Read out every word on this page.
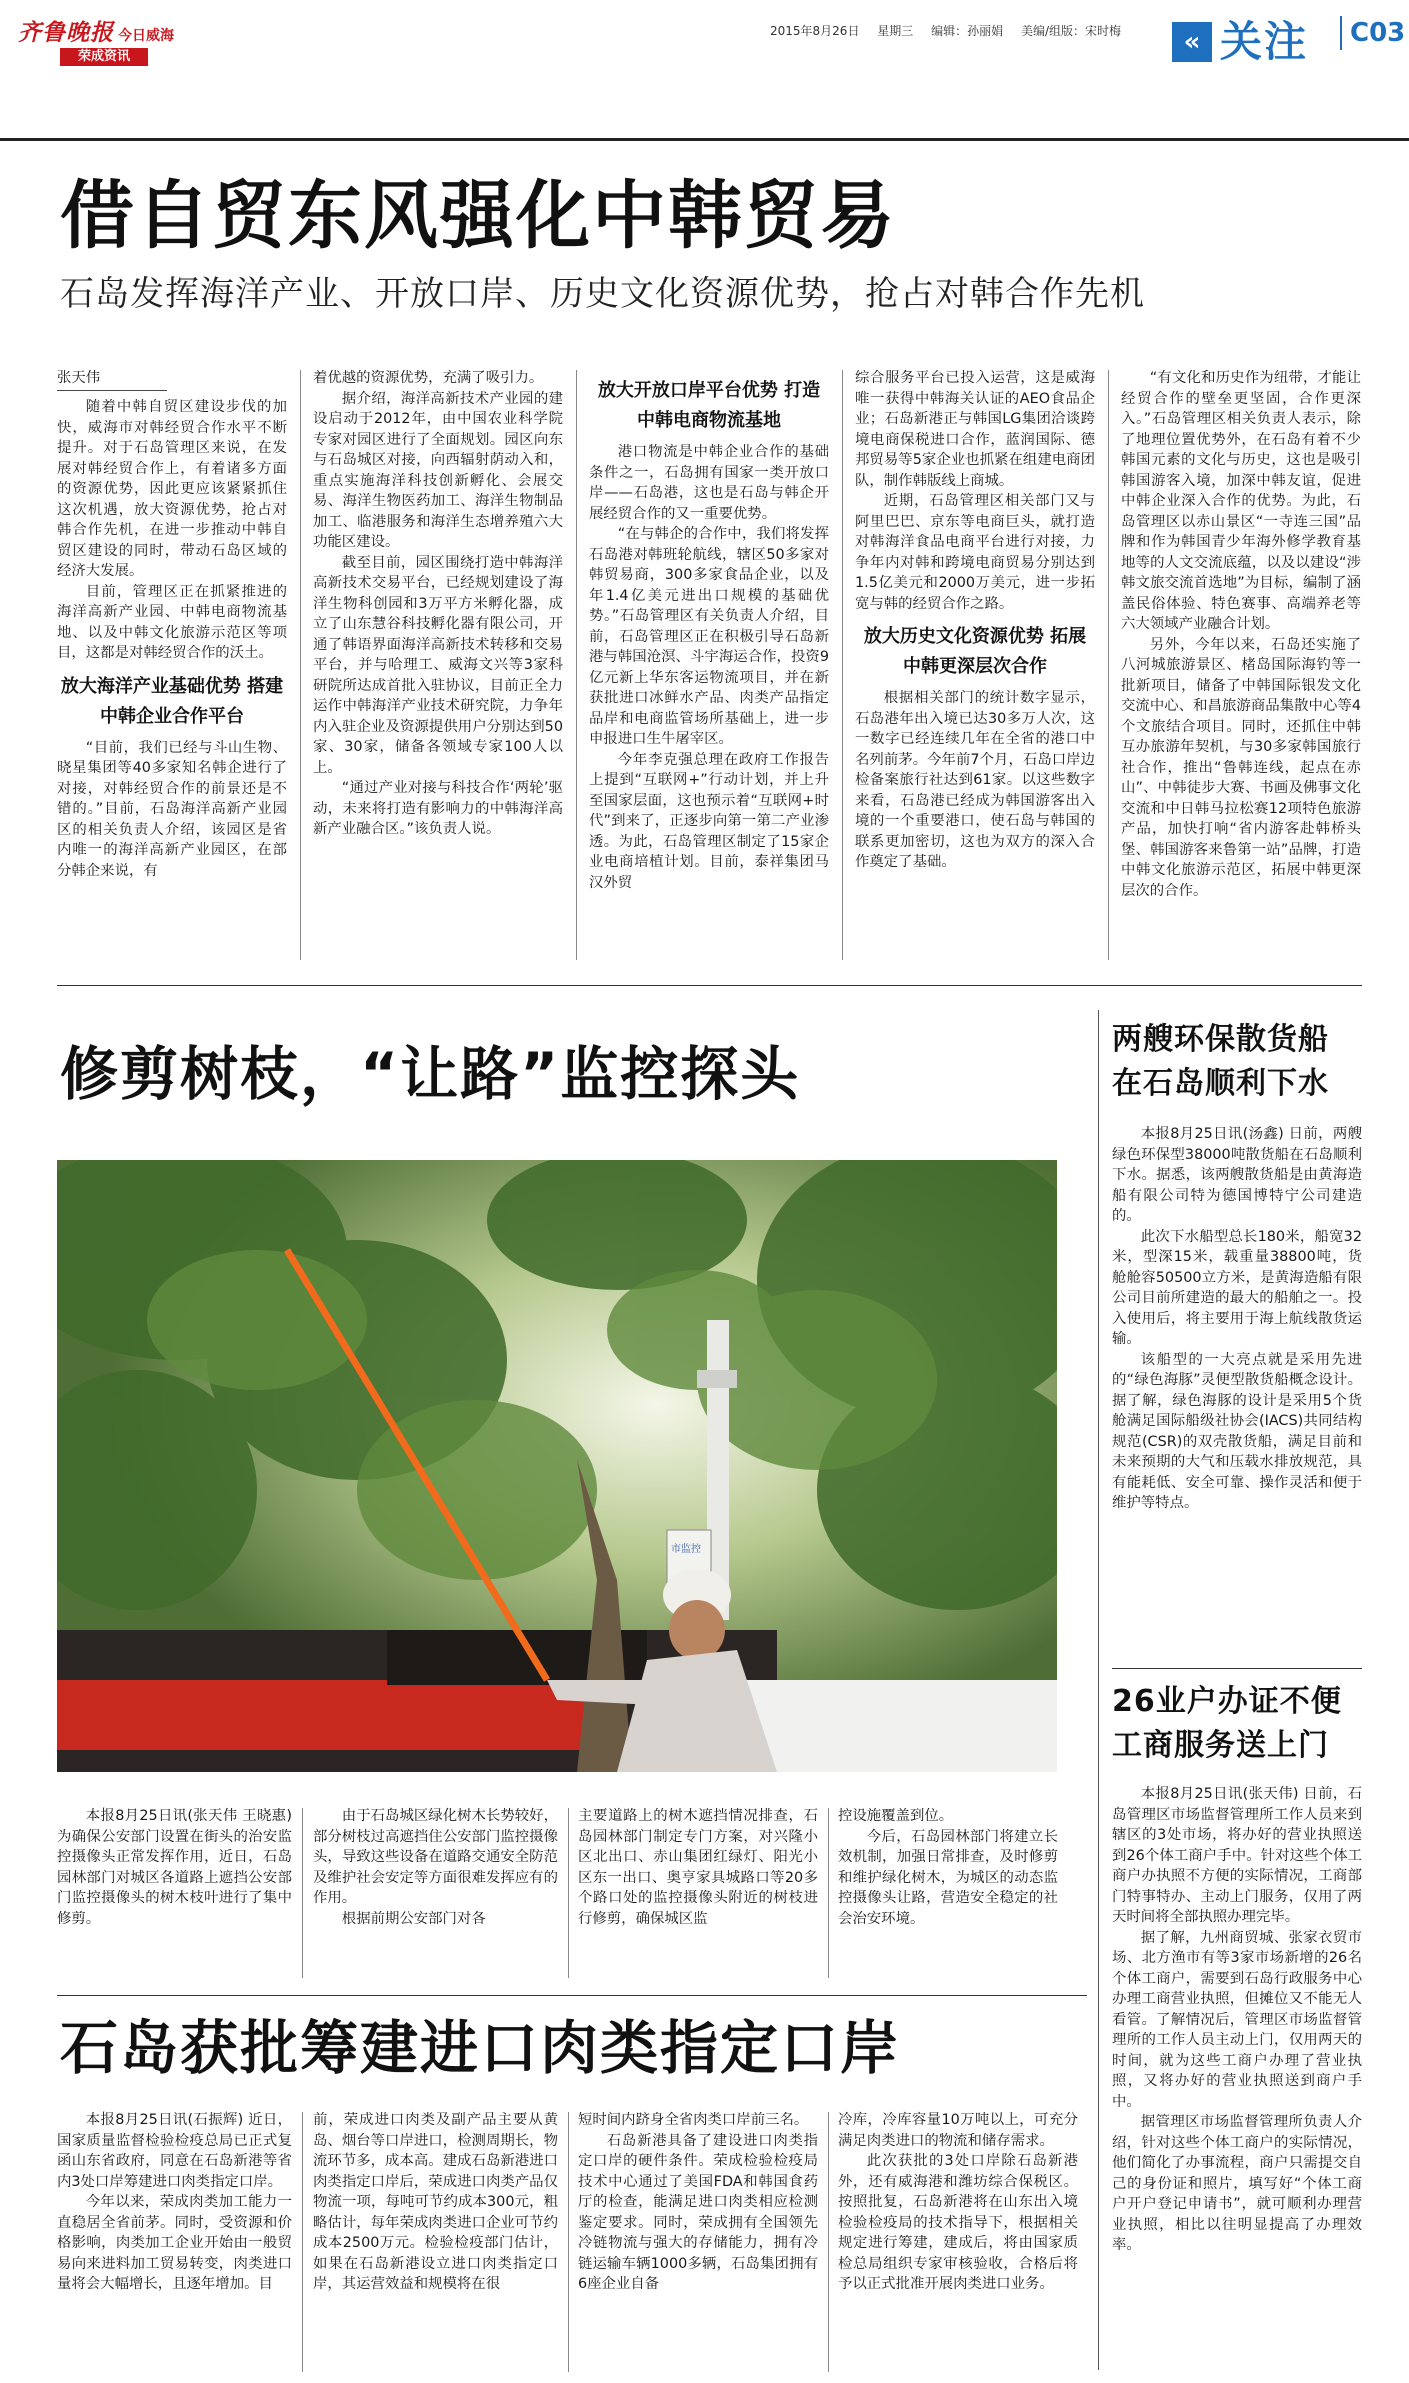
齐鲁晚报 今日威海
荣成资讯
2015年8月26日 星期三 编辑：孙丽娟 美编/组版：宋时梅	« 关注	C03
借自贸东风强化中韩贸易
石岛发挥海洋产业、开放口岸、历史文化资源优势，抢占对韩合作先机
张天伟

随着中韩自贸区建设步伐的加快，威海市对韩经贸合作水平不断提升。对于石岛管理区来说，在发展对韩经贸合作上，有着诸多方面的资源优势，因此更应该紧紧抓住这次机遇，放大资源优势，抢占对韩合作先机，在进一步推动中韩自贸区建设的同时，带动石岛区域的经济大发展。

目前，管理区正在抓紧推进的海洋高新产业园、中韩电商物流基地、以及中韩文化旅游示范区等项目，这都是对韩经贸合作的沃土。

放大海洋产业基础优势 搭建中韩企业合作平台

“目前，我们已经与斗山生物、晓星集团等40多家知名韩企进行了对接，对韩经贸合作的前景还是不错的。”目前，石岛海洋高新产业园区的相关负责人介绍，该园区是省内唯一的海洋高新产业园区，在部分韩企来说，有

着优越的资源优势，充满了吸引力。

据介绍，海洋高新技术产业园的建设启动于2012年，由中国农业科学院专家对园区进行了全面规划。园区向东与石岛城区对接，向西辐射荫动入和，重点实施海洋科技创新孵化、会展交易、海洋生物医药加工、海洋生物制品加工、临港服务和海洋生态增养殖六大功能区建设。

截至目前，园区围绕打造中韩海洋高新技术交易平台，已经规划建设了海洋生物科创园和3万平方米孵化器，成立了山东慧谷科技孵化器有限公司，开通了韩语界面海洋高新技术转移和交易平台，并与哈理工、威海文兴等3家科研院所达成首批入驻协议，目前正全力运作中韩海洋产业技术研究院，力争年内入驻企业及资源提供用户分别达到50家、30家，储备各领域专家100人以上。

“通过产业对接与科技合作‘两轮’驱动，未来将打造有影响力的中韩海洋高新产业融合区。”该负责人说。

放大开放口岸平台优势 打造中韩电商物流基地

港口物流是中韩企业合作的基础条件之一，石岛拥有国家一类开放口岸——石岛港，这也是石岛与韩企开展经贸合作的又一重要优势。

“在与韩企的合作中，我们将发挥石岛港对韩班轮航线，辖区50多家对韩贸易商，300多家食品企业，以及年1.4亿美元进出口规模的基础优势。”石岛管理区有关负责人介绍，目前，石岛管理区正在积极引导石岛新港与韩国沧溟、斗宇海运合作，投资9亿元新上华东客运物流项目，并在新获批进口冰鲜水产品、肉类产品指定品岸和电商监管场所基础上，进一步申报进口生牛屠宰区。

今年李克强总理在政府工作报告上提到“互联网+”行动计划，并上升至国家层面，这也预示着“互联网+时代”到来了，正逐步向第一第二产业渗透。为此，石岛管理区制定了15家企业电商培植计划。目前，泰祥集团马汉外贸

综合服务平台已投入运营，这是威海唯一获得中韩海关认证的AEO食品企业；石岛新港正与韩国LG集团洽谈跨境电商保税进口合作，蓝润国际、德邦贸易等5家企业也抓紧在组建电商团队，制作韩版线上商城。

近期，石岛管理区相关部门又与阿里巴巴、京东等电商巨头，就打造对韩海洋食品电商平台进行对接，力争年内对韩和跨境电商贸易分别达到1.5亿美元和2000万美元，进一步拓宽与韩的经贸合作之路。

放大历史文化资源优势 拓展中韩更深层次合作

根据相关部门的统计数字显示，石岛港年出入境已达30多万人次，这一数字已经连续几年在全省的港口中名列前茅。今年前7个月，石岛口岸边检备案旅行社达到61家。以这些数字来看，石岛港已经成为韩国游客出入境的一个重要港口，使石岛与韩国的联系更加密切，这也为双方的深入合作奠定了基础。

“有文化和历史作为纽带，才能让经贸合作的壁垒更坚固，合作更深入。”石岛管理区相关负责人表示，除了地理位置优势外，在石岛有着不少韩国元素的文化与历史，这也是吸引韩国游客入境，加深中韩友谊，促进中韩企业深入合作的优势。为此，石岛管理区以赤山景区“一寺连三国”品牌和作为韩国青少年海外修学教育基地等的人文交流底蕴，以及以建设“涉韩文旅交流首选地”为目标，编制了涵盖民俗体验、特色赛事、高端养老等六大领域产业融合计划。

另外，今年以来，石岛还实施了八河城旅游景区、楮岛国际海钓等一批新项目，储备了中韩国际银发文化交流中心、和昌旅游商品集散中心等4个文旅结合项目。同时，还抓住中韩互办旅游年契机，与30多家韩国旅行社合作，推出“鲁韩连线，起点在赤山”、中韩徒步大赛、书画及佛事文化交流和中日韩马拉松赛12项特色旅游产品，加快打响“省内游客赴韩桥头堡、韩国游客来鲁第一站”品牌，打造中韩文化旅游示范区，拓展中韩更深层次的合作。

修剪树枝，“让路”监控探头
市监控

本报8月25日讯(张天伟 王晓惠) 为确保公安部门设置在街头的治安监控摄像头正常发挥作用，近日，石岛园林部门对城区各道路上遮挡公安部门监控摄像头的树木枝叶进行了集中修剪。

由于石岛城区绿化树木长势较好，部分树枝过高遮挡住公安部门监控摄像头，导致这些设备在道路交通安全防范及维护社会安定等方面很难发挥应有的作用。

根据前期公安部门对各

主要道路上的树木遮挡情况排查，石岛园林部门制定专门方案，对兴隆小区北出口、赤山集团红绿灯、阳光小区东一出口、奥亨家具城路口等20多个路口处的监控摄像头附近的树枝进行修剪，确保城区监

控设施覆盖到位。

今后，石岛园林部门将建立长效机制，加强日常排查，及时修剪和维护绿化树木，为城区的动态监控摄像头让路，营造安全稳定的社会治安环境。

两艘环保散货船
在石岛顺利下水

本报8月25日讯(汤鑫) 日前，两艘绿色环保型38000吨散货船在石岛顺利下水。据悉，该两艘散货船是由黄海造船有限公司特为德国博特宁公司建造的。

此次下水船型总长180米，船宽32米，型深15米，载重量38800吨，货舱舱容50500立方米，是黄海造船有限公司目前所建造的最大的船舶之一。投入使用后，将主要用于海上航线散货运输。

该船型的一大亮点就是采用先进的“绿色海豚”灵便型散货船概念设计。据了解，绿色海豚的设计是采用5个货舱满足国际船级社协会(IACS)共同结构规范(CSR)的双壳散货船，满足目前和未来预期的大气和压载水排放规范，具有能耗低、安全可靠、操作灵活和便于维护等特点。

26业户办证不便
工商服务送上门

本报8月25日讯(张天伟) 日前，石岛管理区市场监督管理所工作人员来到辖区的3处市场，将办好的营业执照送到26个体工商户手中。针对这些个体工商户办执照不方便的实际情况，工商部门特事特办、主动上门服务，仅用了两天时间将全部执照办理完毕。

据了解，九州商贸城、张家衣贸市场、北方渔市有等3家市场新增的26名个体工商户，需要到石岛行政服务中心办理工商营业执照，但摊位又不能无人看管。了解情况后，管理区市场监督管理所的工作人员主动上门，仅用两天的时间，就为这些工商户办理了营业执照，又将办好的营业执照送到商户手中。

据管理区市场监督管理所负责人介绍，针对这些个体工商户的实际情况，他们简化了办事流程，商户只需提交自己的身份证和照片，填写好“个体工商户开户登记申请书”，就可顺利办理营业执照，相比以往明显提高了办理效率。

石岛获批筹建进口肉类指定口岸

本报8月25日讯(石振辉) 近日，国家质量监督检验检疫总局已正式复函山东省政府，同意在石岛新港等省内3处口岸筹建进口肉类指定口岸。

今年以来，荣成肉类加工能力一直稳居全省前茅。同时，受资源和价格影响，肉类加工企业开始由一般贸易向来进料加工贸易转变，肉类进口量将会大幅增长，且逐年增加。目

前，荣成进口肉类及副产品主要从黄岛、烟台等口岸进口，检测周期长，物流环节多，成本高。建成石岛新港进口肉类指定口岸后，荣成进口肉类产品仅物流一项，每吨可节约成本300元，粗略估计，每年荣成肉类进口企业可节约成本2500万元。检验检疫部门估计，如果在石岛新港设立进口肉类指定口岸，其运营效益和规模将在很

短时间内跻身全省肉类口岸前三名。

石岛新港具备了建设进口肉类指定口岸的硬件条件。荣成检验检疫局技术中心通过了美国FDA和韩国食药厅的检查，能满足进口肉类相应检测鉴定要求。同时，荣成拥有全国领先冷链物流与强大的存储能力，拥有冷链运输车辆1000多辆，石岛集团拥有6座企业自备

冷库，冷库容量10万吨以上，可充分满足肉类进口的物流和储存需求。

此次获批的3处口岸除石岛新港外，还有威海港和潍坊综合保税区。按照批复，石岛新港将在山东出入境检验检疫局的技术指导下，根据相关规定进行筹建，建成后，将由国家质检总局组织专家审核验收，合格后将予以正式批准开展肉类进口业务。
